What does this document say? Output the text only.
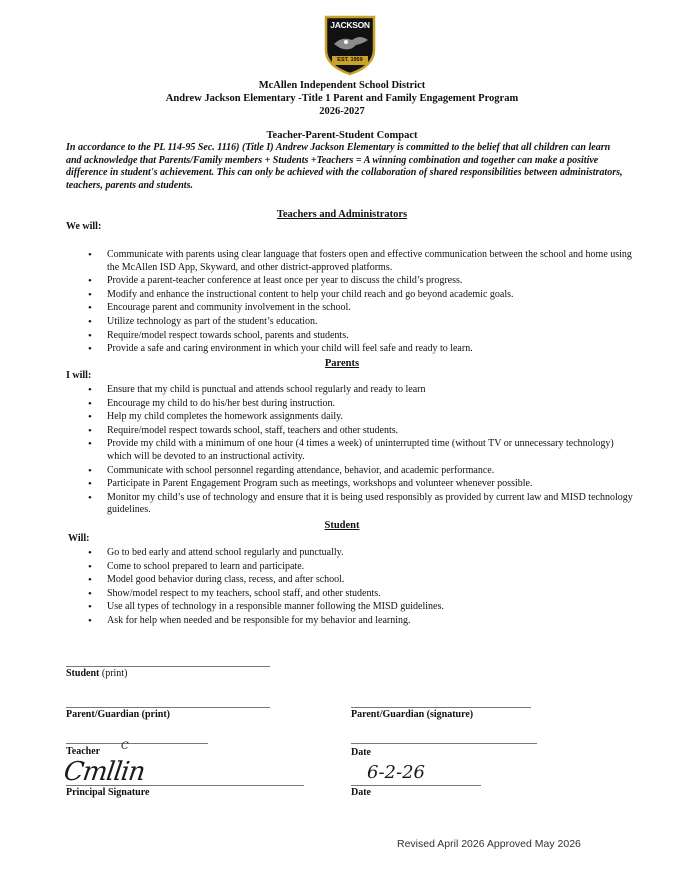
JACKSON
EST. 1959
McAllen Independent School District
Andrew Jackson Elementary -Title 1 Parent and Family Engagement Program
2026-2027
Teacher-Parent-Student Compact
In accordance to the PL 114-95 Sec. 1116) (Title I) Andrew Jackson Elementary is committed to the belief that all children can learn and acknowledge that Parents/Family members + Students +Teachers = A winning combination and together can make a positive difference in student's achievement. This can only be achieved with the collaboration of shared responsibilities between administrators, teachers, parents and students.
Teachers and Administrators
We will:
• Communicate with parents using clear language that fosters open and effective communication between the school and home using the McAllen ISD App, Skyward, and other district-approved platforms.
• Provide a parent-teacher conference at least once per year to discuss the child’s progress.
• Modify and enhance the instructional content to help your child reach and go beyond academic goals.
• Encourage parent and community involvement in the school.
• Utilize technology as part of the student’s education.
• Require/model respect towards school, parents and students.
• Provide a safe and caring environment in which your child will feel safe and ready to learn.
Parents
I will:
• Ensure that my child is punctual and attends school regularly and ready to learn
• Encourage my child to do his/her best during instruction.
• Help my child completes the homework assignments daily.
• Require/model respect towards school, staff, teachers and other students.
• Provide my child with a minimum of one hour (4 times a week) of uninterrupted time (without TV or unnecessary technology) which will be devoted to an instructional activity.
• Communicate with school personnel regarding attendance, behavior, and academic performance.
• Participate in Parent Engagement Program such as meetings, workshops and volunteer whenever possible.
• Monitor my child’s use of technology and ensure that it is being used responsibly as provided by current law and MISD technology guidelines.
Student
Will:
• Go to bed early and attend school regularly and punctually.
• Come to school prepared to learn and participate.
• Model good behavior during class, recess, and after school.
• Show/model respect to my teachers, school staff, and other students.
• Use all types of technology in a responsible manner following the MISD guidelines.
• Ask for help when needed and be responsible for my behavior and learning.
Student (print)
Parent/Guardian (print)	Parent/Guardian (signature)
Teacher C
Date
Cmllin
Principal Signature
6-2-26
Date
Revised April 2026 Approved May 2026
